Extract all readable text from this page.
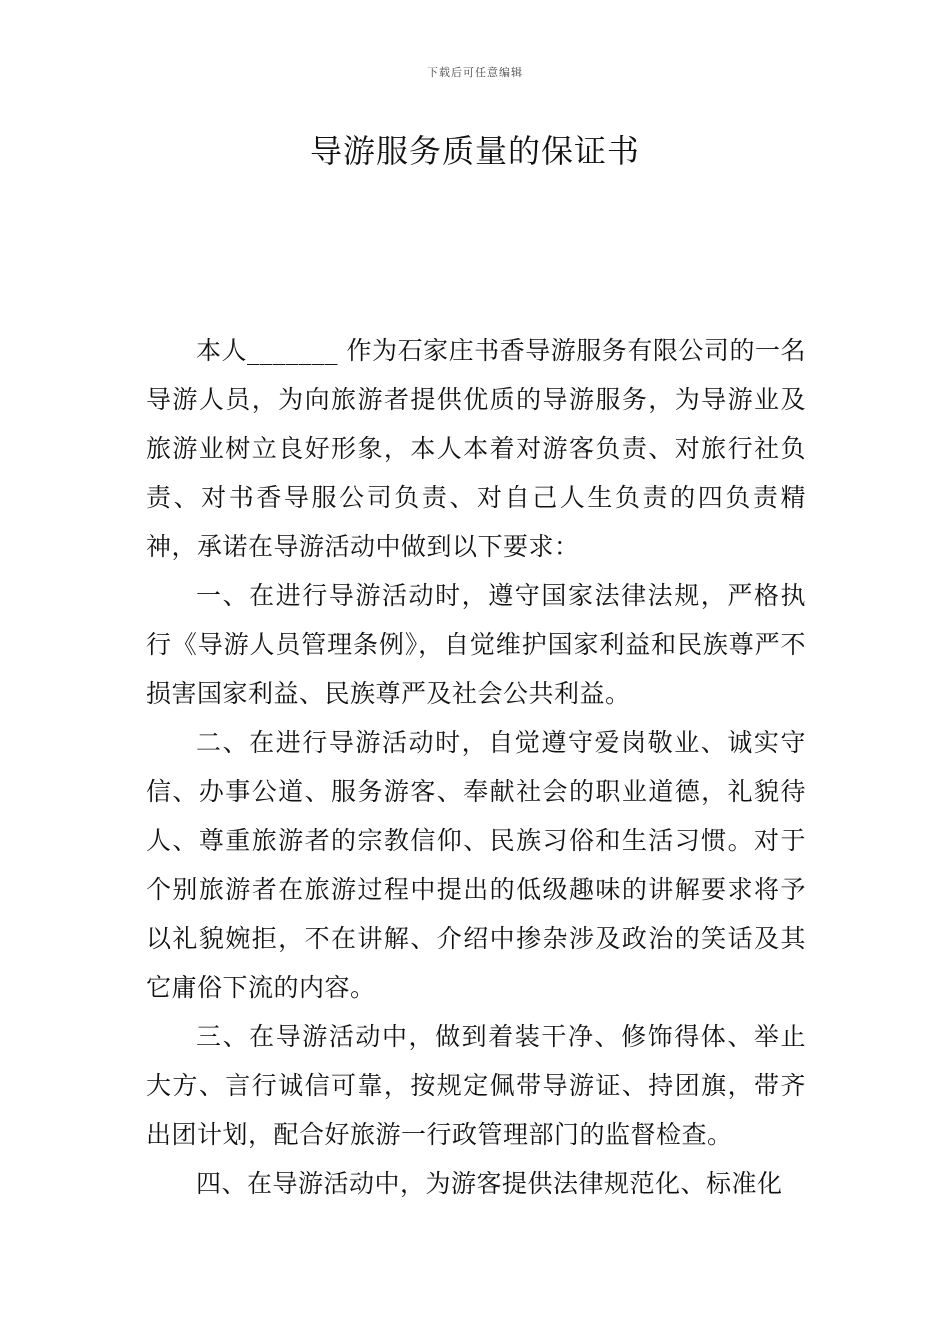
下载后可任意编辑
导游服务质量的保证书

本人_______ 作为石家庄书香导游服务有限公司的一名导游人员，为向旅游者提供优质的导游服务，为导游业及旅游业树立良好形象，本人本着对游客负责、对旅行社负责、对书香导服公司负责、对自己人生负责的四负责精神，承诺在导游活动中做到以下要求：

一、在进行导游活动时，遵守国家法律法规，严格执行《导游人员管理条例》，自觉维护国家利益和民族尊严不损害国家利益、民族尊严及社会公共利益。

二、在进行导游活动时，自觉遵守爱岗敬业、诚实守信、办事公道、服务游客、奉献社会的职业道德，礼貌待人、尊重旅游者的宗教信仰、民族习俗和生活习惯。对于个别旅游者在旅游过程中提出的低级趣味的讲解要求将予以礼貌婉拒，不在讲解、介绍中掺杂涉及政治的笑话及其它庸俗下流的内容。

三、在导游活动中，做到着装干净、修饰得体、举止大方、言行诚信可靠，按规定佩带导游证、持团旗，带齐出团计划，配合好旅游一行政管理部门的监督检查。

四、在导游活动中，为游客提供法律规范化、标准化
